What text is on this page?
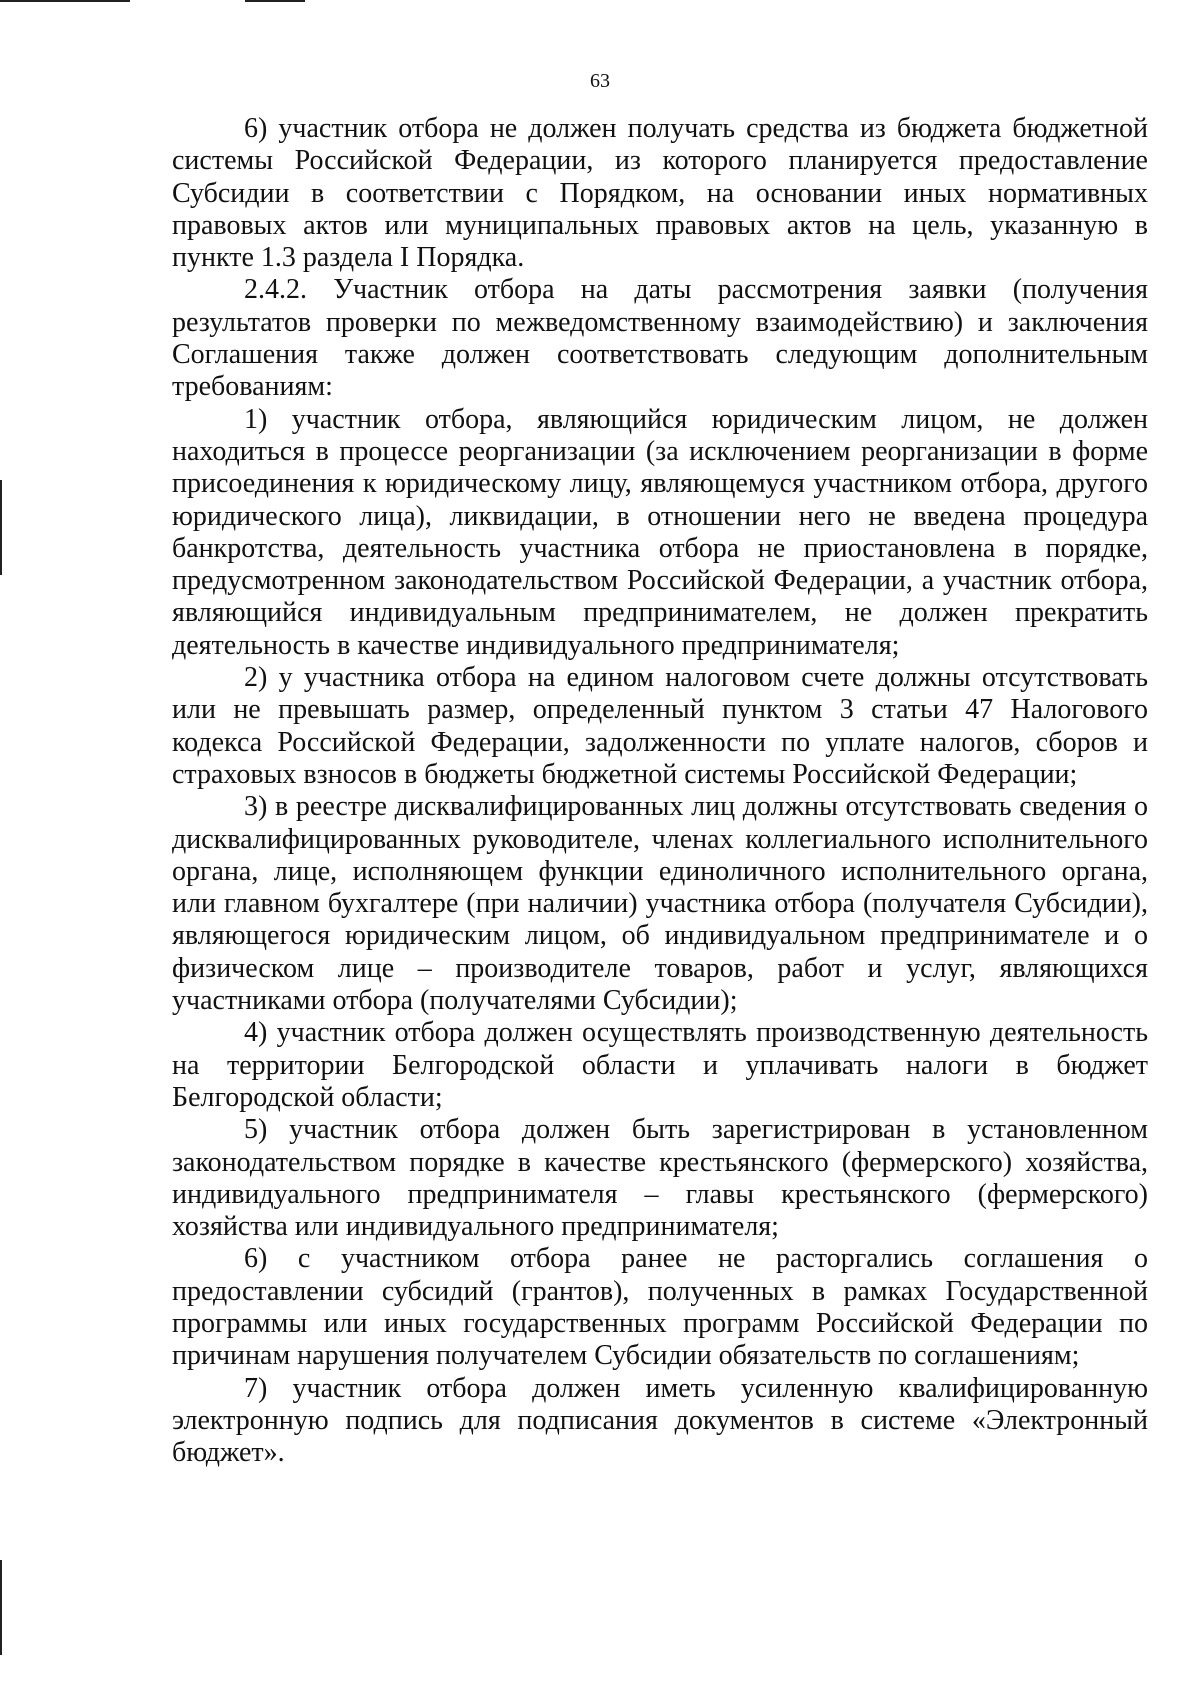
63

6) участник отбора не должен получать средства из бюджета бюджетной системы Российской Федерации, из которого планируется предоставление Субсидии в соответствии с Порядком, на основании иных нормативных правовых актов или муниципальных правовых актов на цель, указанную в пункте 1.3 раздела I Порядка.

2.4.2. Участник отбора на даты рассмотрения заявки (получения результатов проверки по межведомственному взаимодействию) и заключения Соглашения также должен соответствовать следующим дополнительным требованиям:

1) участник отбора, являющийся юридическим лицом, не должен находиться в процессе реорганизации (за исключением реорганизации в форме присоединения к юридическому лицу, являющемуся участником отбора, другого юридического лица), ликвидации, в отношении него не введена процедура банкротства, деятельность участника отбора не приостановлена в порядке, предусмотренном законодательством Российской Федерации, а участник отбора, являющийся индивидуальным предпринимателем, не должен прекратить деятельность в качестве индивидуального предпринимателя;

2) у участника отбора на едином налоговом счете должны отсутствовать или не превышать размер, определенный пунктом 3 статьи 47 Налогового кодекса Российской Федерации, задолженности по уплате налогов, сборов и страховых взносов в бюджеты бюджетной системы Российской Федерации;

3) в реестре дисквалифицированных лиц должны отсутствовать сведения о дисквалифицированных руководителе, членах коллегиального исполнительного органа, лице, исполняющем функции единоличного исполнительного органа, или главном бухгалтере (при наличии) участника отбора (получателя Субсидии), являющегося юридическим лицом, об индивидуальном предпринимателе и о физическом лице – производителе товаров, работ и услуг, являющихся участниками отбора (получателями Субсидии);

4) участник отбора должен осуществлять производственную деятельность на территории Белгородской области и уплачивать налоги в бюджет Белгородской области;

5) участник отбора должен быть зарегистрирован в установленном законодательством порядке в качестве крестьянского (фермерского) хозяйства, индивидуального предпринимателя – главы крестьянского (фермерского) хозяйства или индивидуального предпринимателя;

6) с участником отбора ранее не расторгались соглашения о предоставлении субсидий (грантов), полученных в рамках Государственной программы или иных государственных программ Российской Федерации по причинам нарушения получателем Субсидии обязательств по соглашениям;

7) участник отбора должен иметь усиленную квалифицированную электронную подпись для подписания документов в системе «Электронный бюджет».
